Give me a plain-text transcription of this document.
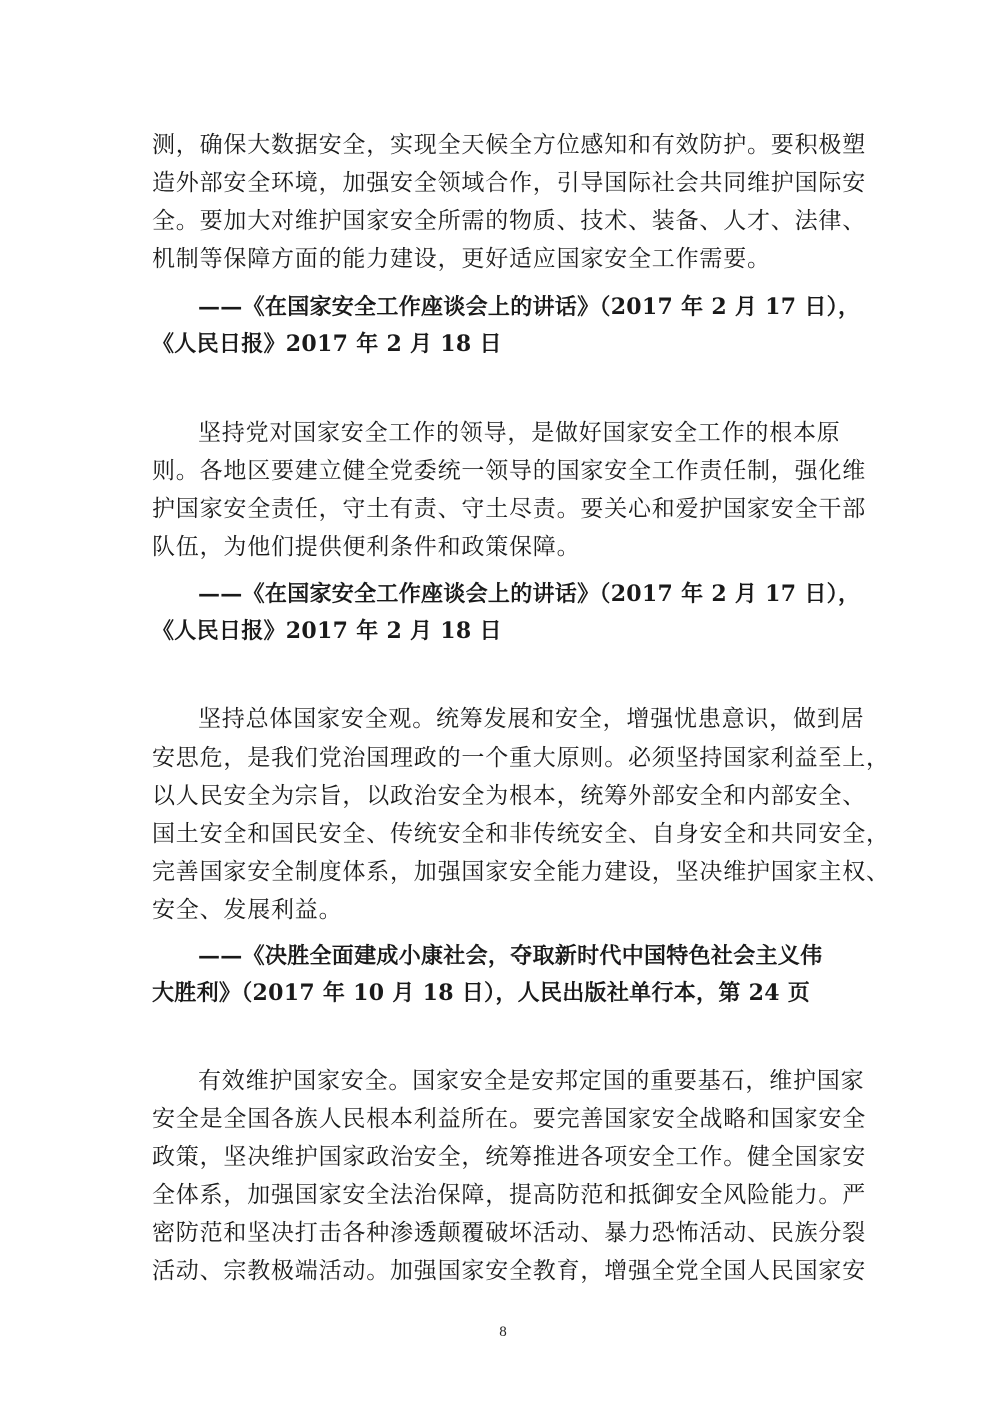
测，确保大数据安全，实现全天候全方位感知和有效防护。要积极塑
造外部安全环境，加强安全领域合作，引导国际社会共同维护国际安
全。要加大对维护国家安全所需的物质、技术、装备、人才、法律、
机制等保障方面的能力建设，更好适应国家安全工作需要。
——《在国家安全工作座谈会上的讲话》（2017 年 2 月 17 日），
《人民日报》2017 年 2 月 18 日
坚持党对国家安全工作的领导，是做好国家安全工作的根本原
则。各地区要建立健全党委统一领导的国家安全工作责任制，强化维
护国家安全责任，守土有责、守土尽责。要关心和爱护国家安全干部
队伍，为他们提供便利条件和政策保障。
——《在国家安全工作座谈会上的讲话》（2017 年 2 月 17 日），
《人民日报》2017 年 2 月 18 日
坚持总体国家安全观。统筹发展和安全，增强忧患意识，做到居
安思危，是我们党治国理政的一个重大原则。必须坚持国家利益至上，
以人民安全为宗旨，以政治安全为根本，统筹外部安全和内部安全、
国土安全和国民安全、传统安全和非传统安全、自身安全和共同安全，
完善国家安全制度体系，加强国家安全能力建设，坚决维护国家主权、
安全、发展利益。
——《决胜全面建成小康社会，夺取新时代中国特色社会主义伟
大胜利》（2017 年 10 月 18 日），人民出版社单行本，第 24 页
有效维护国家安全。国家安全是安邦定国的重要基石，维护国家
安全是全国各族人民根本利益所在。要完善国家安全战略和国家安全
政策，坚决维护国家政治安全，统筹推进各项安全工作。健全国家安
全体系，加强国家安全法治保障，提高防范和抵御安全风险能力。严
密防范和坚决打击各种渗透颠覆破坏活动、暴力恐怖活动、民族分裂
活动、宗教极端活动。加强国家安全教育，增强全党全国人民国家安
8
